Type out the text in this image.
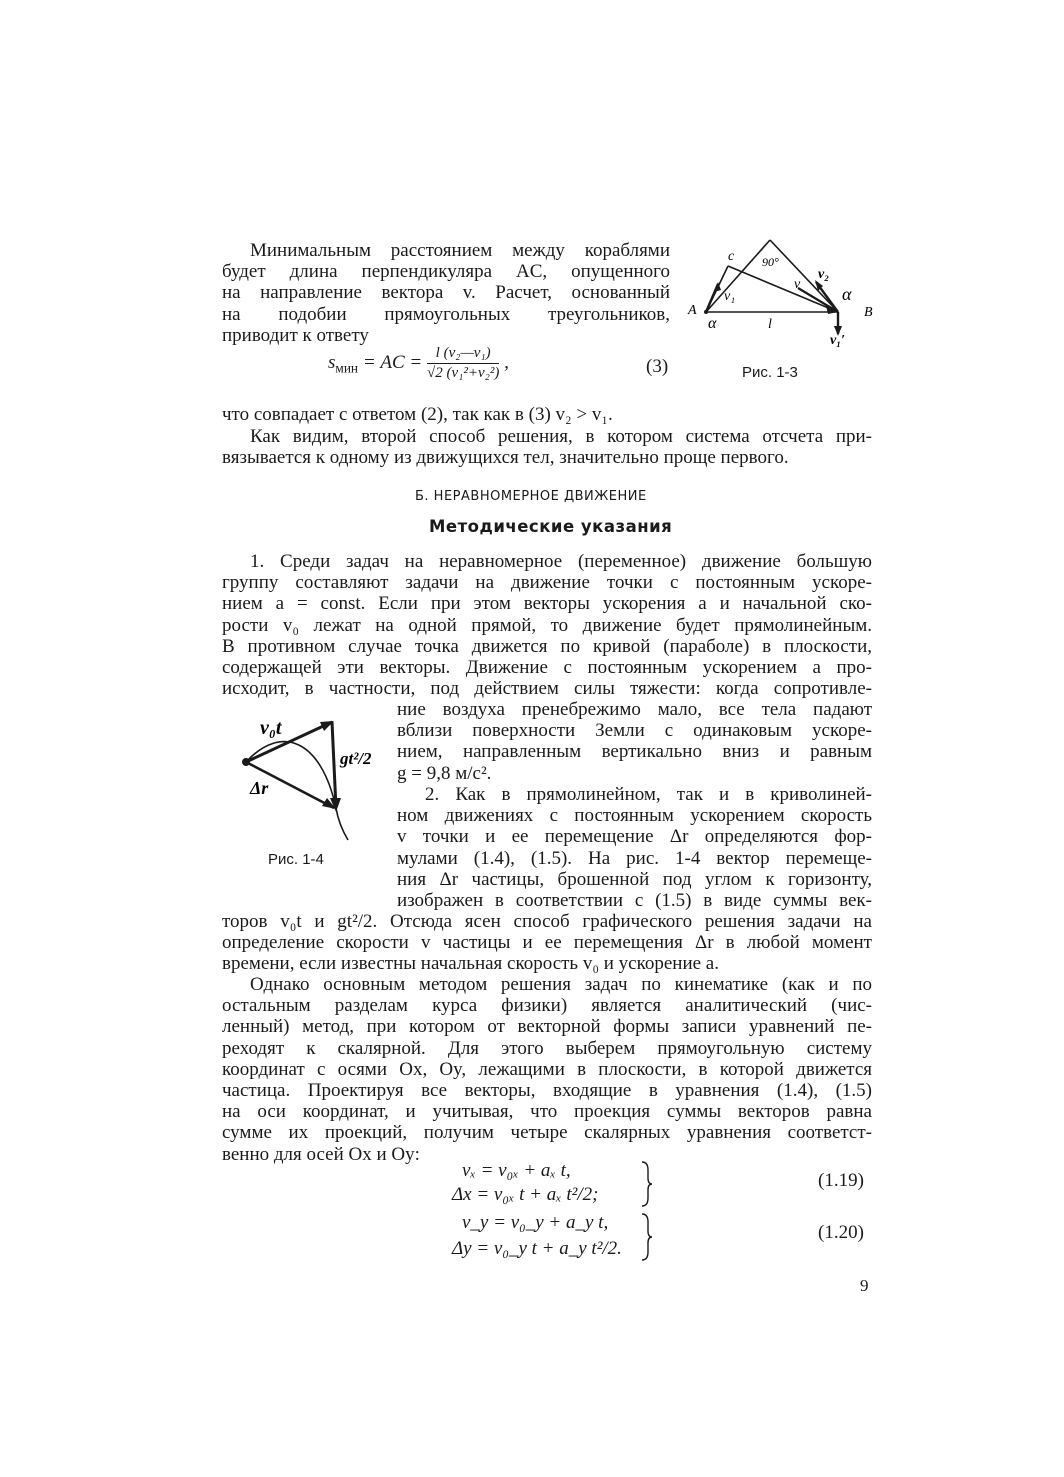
Минимальным расстоянием между кораблями
будет длина перпендикуляра AC, опущенного
на направление вектора v. Расчет, основанный
на подобии прямоугольных треугольников,
приводит к ответу
$s_{мин}$ = AC = $\frac{\text{l (v₂—v₁)}}{\text{√2 (v₁²+v₂²)}}$ ,	(3)
c 90°
v₂
v
v₁
A
α
α
l
B
v₁′
Рис. 1-3
что совпадает с ответом (2), так как в (3) v₂ > v₁.
Как видим, второй способ решения, в котором система отсчета при-
вязывается к одному из движущихся тел, значительно проще первого.
Б. НЕРАВНОМЕРНОЕ ДВИЖЕНИЕ
Методические указания
1. Среди задач на неравномерное (переменное) движение большую
группу составляют задачи на движение точки с постоянным ускоре-
нием a = const. Если при этом векторы ускорения a и начальной ско-
рости v₀ лежат на одной прямой, то движение будет прямолинейным.
В противном случае точка движется по кривой (параболе) в плоскости,
содержащей эти векторы. Движение с постоянным ускорением a про-
исходит, в частности, под действием силы тяжести: когда сопротивле-
ние воздуха пренебрежимо мало, все тела падают
вблизи поверхности Земли с одинаковым ускоре-
нием, направленным вертикально вниз и равным
g = 9,8 м/с².
2. Как в прямолинейном, так и в криволиней-
ном движениях с постоянным ускорением скорость
v точки и ее перемещение Δr определяются фор-
мулами (1.4), (1.5). На рис. 1-4 вектор перемеще-
ния Δr частицы, брошенной под углом к горизонту,
изображен в соответствии с (1.5) в виде суммы век-
v₀t
gt²/2
Δr
Рис. 1-4
торов v₀t и gt²/2. Отсюда ясен способ графического решения задачи на
определение скорости v частицы и ее перемещения Δr в любой момент
времени, если известны начальная скорость v₀ и ускорение a.
Однако основным методом решения задач по кинематике (как и по
остальным разделам курса физики) является аналитический (чис-
ленный) метод, при котором от векторной формы записи уравнений пе-
реходят к скалярной. Для этого выберем прямоугольную систему
координат с осями Ox, Oy, лежащими в плоскости, в которой движется
частица. Проектируя все векторы, входящие в уравнения (1.4), (1.5)
на оси координат, и учитывая, что проекция суммы векторов равна
сумме их проекций, получим четыре скалярных уравнения соответст-
венно для осей Ox и Oy:
vₓ = v₀ₓ + aₓ t,
Δx = v₀ₓ t + aₓ t²/2;
(1.19)
v_y = v₀_y + a_y t,
Δy = v₀_y t + a_y t²/2.
(1.20)
9
